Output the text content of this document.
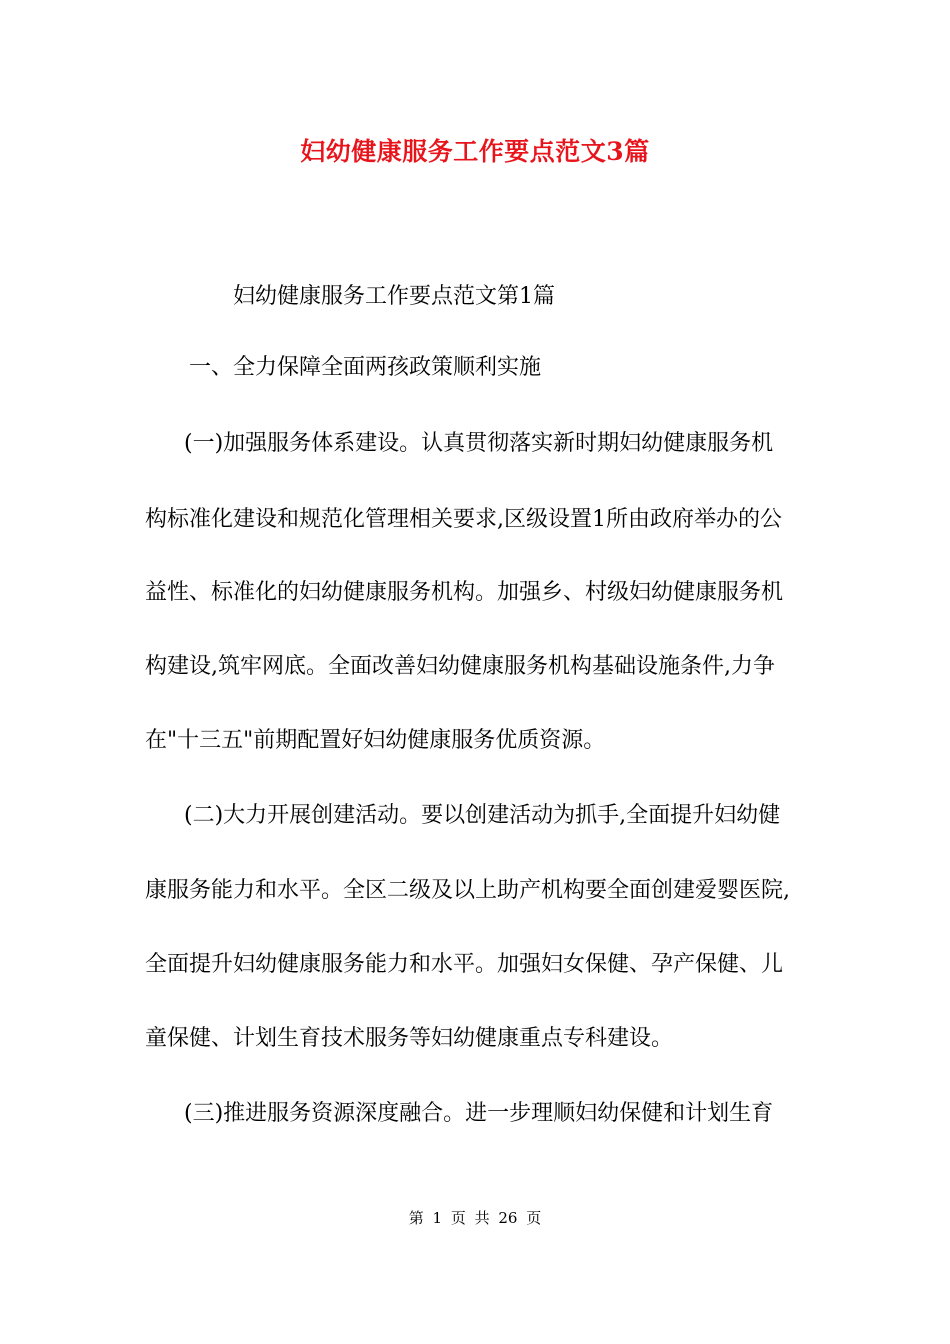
妇幼健康服务工作要点范文3篇
妇幼健康服务工作要点范文第1篇
一、全力保障全面两孩政策顺利实施
(一)加强服务体系建设。认真贯彻落实新时期妇幼健康服务机
构标准化建设和规范化管理相关要求,区级设置1所由政府举办的公
益性、标准化的妇幼健康服务机构。加强乡、村级妇幼健康服务机
构建设,筑牢网底。全面改善妇幼健康服务机构基础设施条件,力争
在"十三五"前期配置好妇幼健康服务优质资源。
(二)大力开展创建活动。要以创建活动为抓手,全面提升妇幼健
康服务能力和水平。全区二级及以上助产机构要全面创建爱婴医院,
全面提升妇幼健康服务能力和水平。加强妇女保健、孕产保健、儿
童保健、计划生育技术服务等妇幼健康重点专科建设。
(三)推进服务资源深度融合。进一步理顺妇幼保健和计划生育
第 1 页 共 26 页
